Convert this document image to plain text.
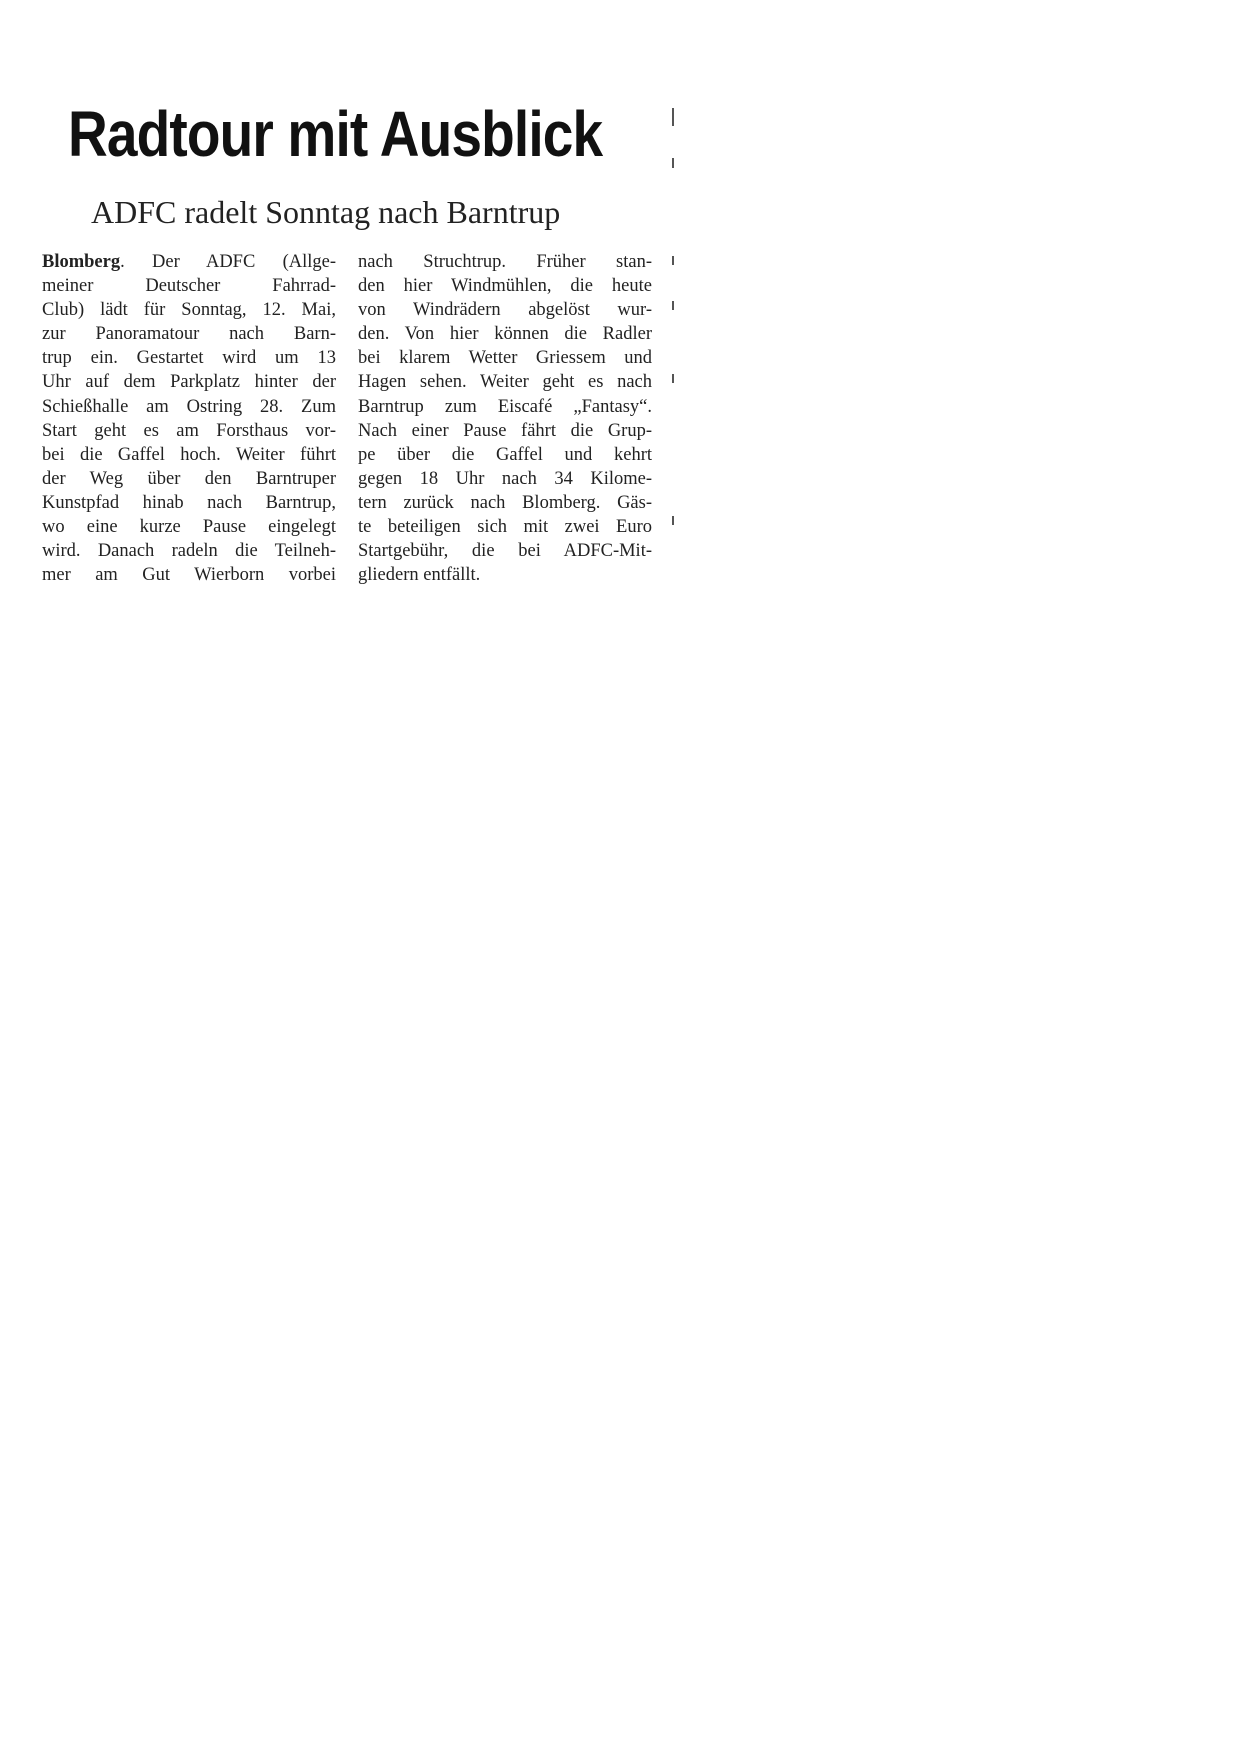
Radtour mit Ausblick
ADFC radelt Sonntag nach Barntrup
Blomberg. Der ADFC (Allge-
meiner Deutscher Fahrrad-
Club) lädt für Sonntag, 12. Mai,
zur Panoramatour nach Barn-
trup ein. Gestartet wird um 13
Uhr auf dem Parkplatz hinter der
Schießhalle am Ostring 28. Zum
Start geht es am Forsthaus vor-
bei die Gaffel hoch. Weiter führt
der Weg über den Barntruper
Kunstpfad hinab nach Barntrup,
wo eine kurze Pause eingelegt
wird. Danach radeln die Teilneh-
mer am Gut Wierborn vorbei
nach Struchtrup. Früher stan-
den hier Windmühlen, die heute
von Windrädern abgelöst wur-
den. Von hier können die Radler
bei klarem Wetter Griessem und
Hagen sehen. Weiter geht es nach
Barntrup zum Eiscafé „Fantasy“.
Nach einer Pause fährt die Grup-
pe über die Gaffel und kehrt
gegen 18 Uhr nach 34 Kilome-
tern zurück nach Blomberg. Gäs-
te beteiligen sich mit zwei Euro
Startgebühr, die bei ADFC-Mit-
gliedern entfällt.
